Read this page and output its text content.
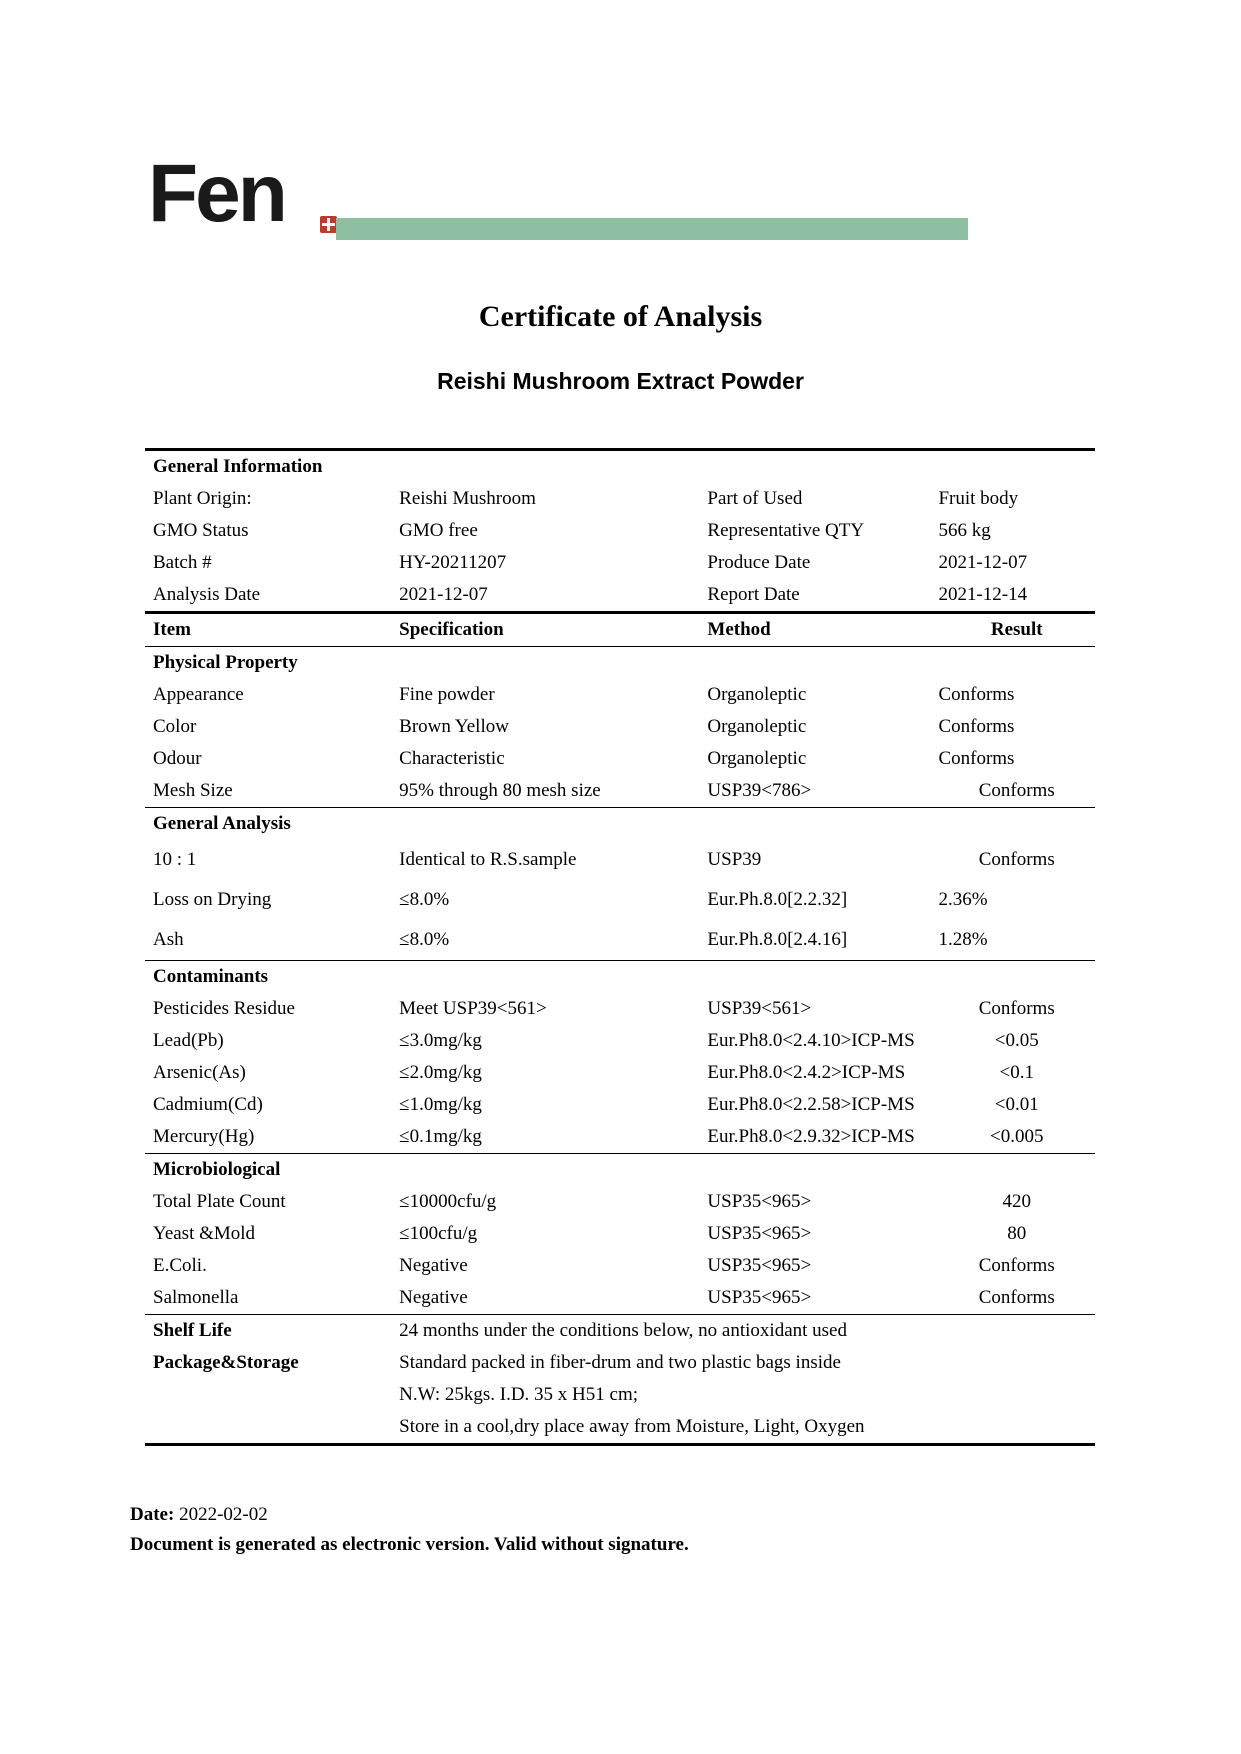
Fen
Certificate of Analysis
Reishi Mushroom Extract Powder
General Information			
Plant Origin:	Reishi Mushroom	Part of Used	Fruit body
GMO Status	GMO free	Representative QTY	566 kg
Batch #	HY-20211207	Produce Date	2021-12-07
Analysis Date	2021-12-07	Report Date	2021-12-14
Item	Specification	Method	Result
Physical Property			
Appearance	Fine powder	Organoleptic	Conforms
Color	Brown Yellow	Organoleptic	Conforms
Odour	Characteristic	Organoleptic	Conforms
Mesh Size	95% through 80 mesh size	USP39<786>	Conforms
General Analysis			
10 : 1	Identical to R.S.sample	USP39	Conforms
Loss on Drying	≤8.0%	Eur.Ph.8.0[2.2.32]	2.36%
Ash	≤8.0%	Eur.Ph.8.0[2.4.16]	1.28%
Contaminants			
Pesticides Residue	Meet USP39<561>	USP39<561>	Conforms
Lead(Pb)	≤3.0mg/kg	Eur.Ph8.0<2.4.10>ICP-MS	<0.05
Arsenic(As)	≤2.0mg/kg	Eur.Ph8.0<2.4.2>ICP-MS	<0.1
Cadmium(Cd)	≤1.0mg/kg	Eur.Ph8.0<2.2.58>ICP-MS	<0.01
Mercury(Hg)	≤0.1mg/kg	Eur.Ph8.0<2.9.32>ICP-MS	<0.005
Microbiological			
Total Plate Count	≤10000cfu/g	USP35<965>	420
Yeast &Mold	≤100cfu/g	USP35<965>	80
E.Coli.	Negative	USP35<965>	Conforms
Salmonella	Negative	USP35<965>	Conforms
Shelf Life	24 months under the conditions below, no antioxidant used		
Package&Storage	Standard packed in fiber-drum and two plastic bags inside		
	N.W: 25kgs. I.D. 35 x H51 cm;		
	Store in a cool,dry place away from Moisture, Light, Oxygen		
Date: 2022-02-02
Document is generated as electronic version. Valid without signature.
